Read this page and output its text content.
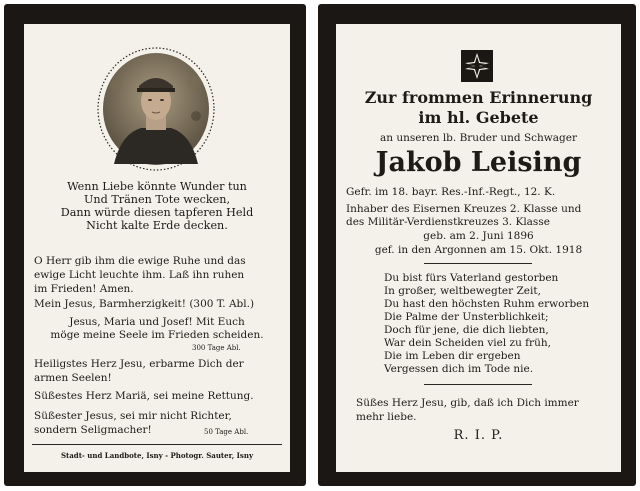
Wenn Liebe könnte Wunder tun
Und Tränen Tote wecken,
Dann würde diesen tapferen Held
Nicht kalte Erde decken.
O Herr gib ihm die ewige Ruhe und das
ewige Licht leuchte ihm. Laß ihn ruhen
im Frieden! Amen.
Mein Jesus, Barmherzigkeit! (300 T. Abl.)
Jesus, Maria und Josef! Mit Euch
möge meine Seele im Frieden scheiden.
300 Tage Abl.
Heiligstes Herz Jesu, erbarme Dich der
armen Seelen!
Süßestes Herz Mariä, sei meine Rettung.
Süßester Jesus, sei mir nicht Richter,
sondern Seligmacher!	50 Tage Abl.
Stadt- und Landbote, Isny - Photogr. Sauter, Isny
Zur frommen Erinnerung
im hl. Gebete
an unseren lb. Bruder und Schwager
Jakob Leising
Gefr. im 18. bayr. Res.-Inf.-Regt., 12. K.
Inhaber des Eisernen Kreuzes 2. Klasse und
des Militär-Verdienstkreuzes 3. Klasse
geb. am 2. Juni 1896
gef. in den Argonnen am 15. Okt. 1918
Du bist fürs Vaterland gestorben
In großer, weltbewegter Zeit,
Du hast den höchsten Ruhm erworben
Die Palme der Unsterblichkeit;
Doch für jene, die dich liebten,
War dein Scheiden viel zu früh,
Die im Leben dir ergeben
Vergessen dich im Tode nie.
Süßes Herz Jesu, gib, daß ich Dich immer
mehr liebe.
R. I. P.
